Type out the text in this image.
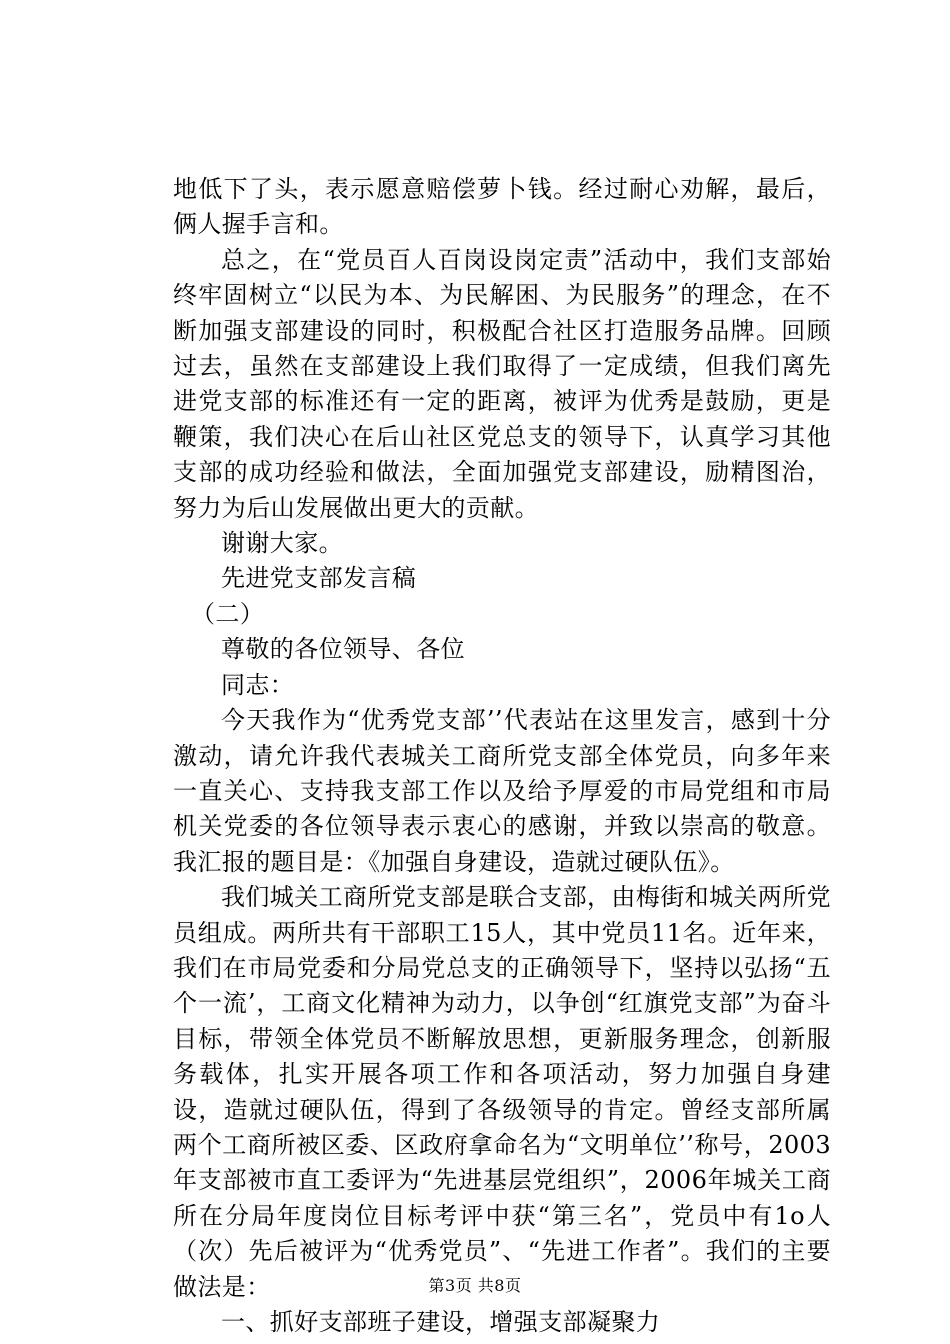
地低下了头，表示愿意赔偿萝卜钱。经过耐心劝解，最后，俩人握手言和。

总之，在“党员百人百岗设岗定责”活动中，我们支部始终牢固树立“以民为本、为民解困、为民服务”的理念，在不断加强支部建设的同时，积极配合社区打造服务品牌。回顾过去，虽然在支部建设上我们取得了一定成绩，但我们离先进党支部的标准还有一定的距离，被评为优秀是鼓励，更是鞭策，我们决心在后山社区党总支的领导下，认真学习其他支部的成功经验和做法，全面加强党支部建设，励精图治，努力为后山发展做出更大的贡献。

谢谢大家。

先进党支部发言稿

（二）

尊敬的各位领导、各位

同志：

今天我作为“优秀党支部’’代表站在这里发言，感到十分激动，请允许我代表城关工商所党支部全体党员，向多年来一直关心、支持我支部工作以及给予厚爱的市局党组和市局机关党委的各位领导表示衷心的感谢，并致以崇高的敬意。我汇报的题目是：《加强自身建设，造就过硬队伍》。

我们城关工商所党支部是联合支部，由梅街和城关两所党员组成。两所共有干部职工15人，其中党员11名。近年来，我们在市局党委和分局党总支的正确领导下，坚持以弘扬“五个一流’，工商文化精神为动力，以争创“红旗党支部”为奋斗目标，带领全体党员不断解放思想，更新服务理念，创新服务载体，扎实开展各项工作和各项活动，努力加强自身建设，造就过硬队伍，得到了各级领导的肯定。曾经支部所属两个工商所被区委、区政府拿命名为“文明单位’’称号，2003年支部被市直工委评为“先进基层党组织”，2006年城关工商所在分局年度岗位目标考评中获“第三名”，党员中有1o人（次）先后被评为“优秀党员”、“先进工作者”。我们的主要做法是：

一、抓好支部班子建设，增强支部凝聚力

第3页 共8页
